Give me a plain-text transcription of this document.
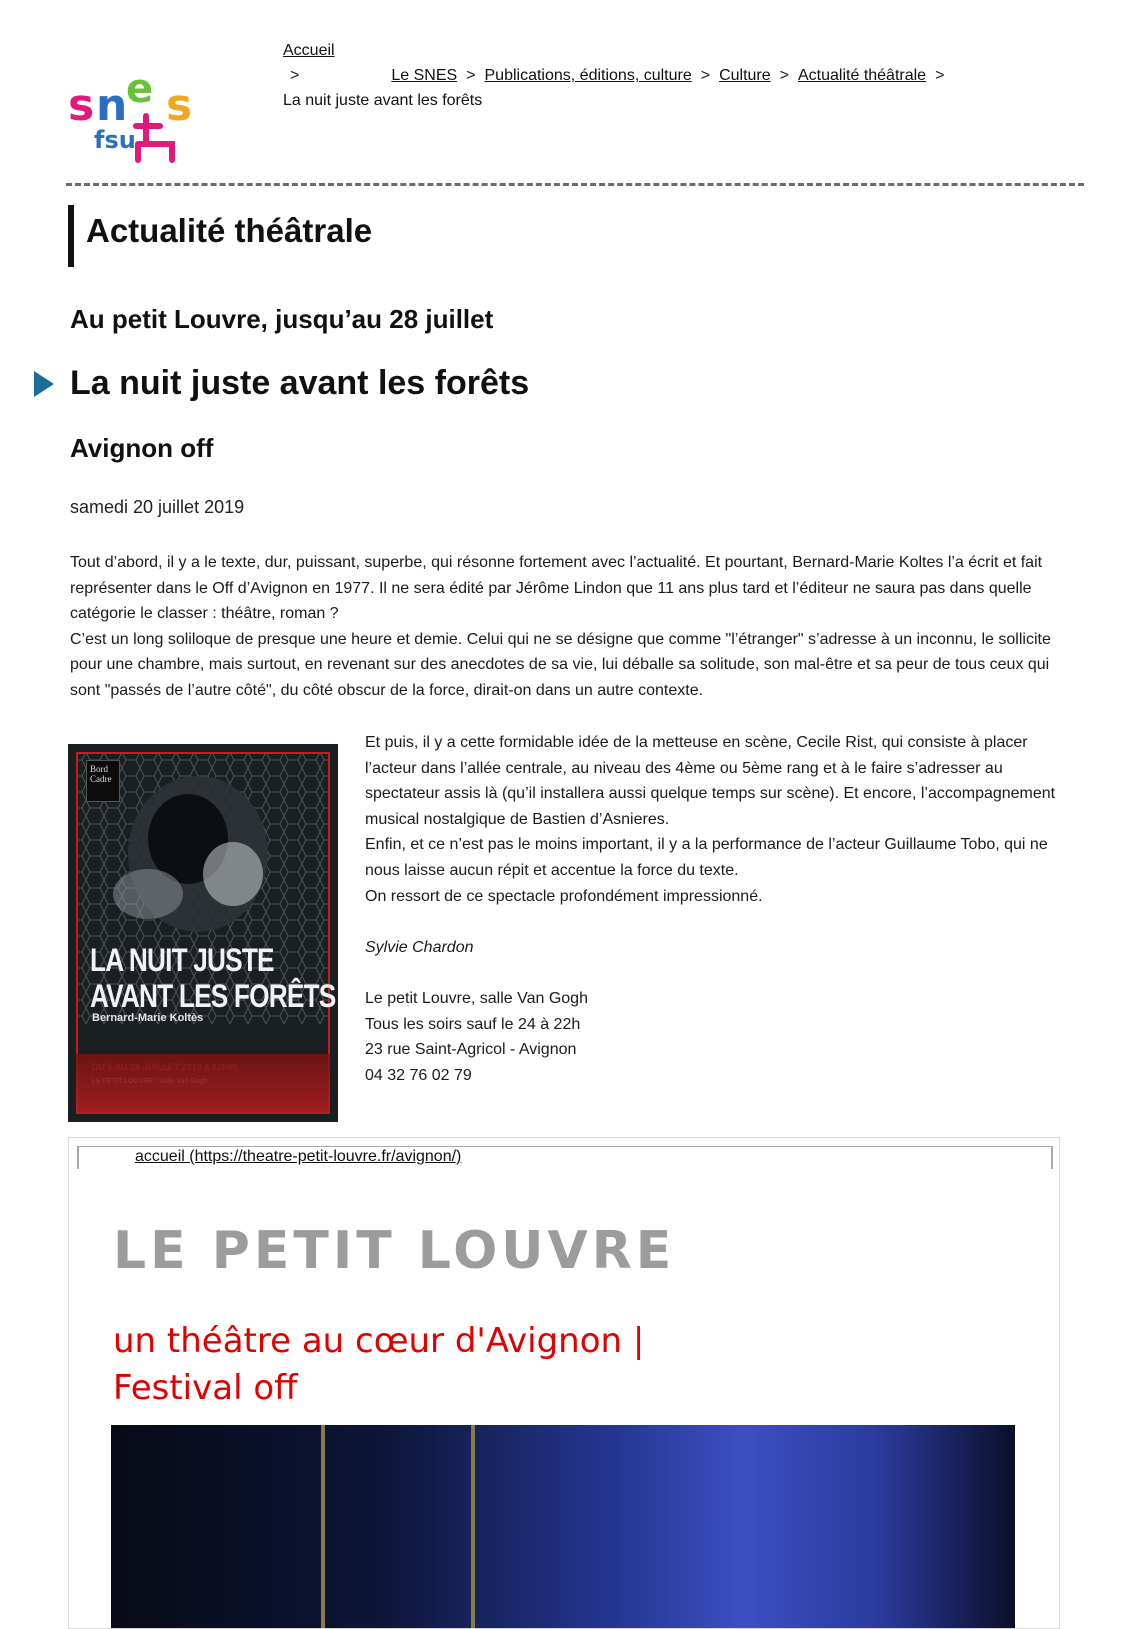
s n
e s
fsu
Accueil
>	Le SNES > Publications, éditions, culture > Culture > Actualité théâtrale >
La nuit juste avant les forêts
Actualité théâtrale
Au petit Louvre, jusqu’au 28 juillet
La nuit juste avant les forêts
Avignon off
samedi 20 juillet 2019

Tout d’abord, il y a le texte, dur, puissant, superbe, qui résonne fortement avec l’actualité. Et pourtant, Bernard-Marie Koltes l’a écrit et fait représenter dans le Off d’Avignon en 1977. Il ne sera édité par Jérôme Lindon que 11 ans plus tard et l’éditeur ne saura pas dans quelle catégorie le classer : théâtre, roman ?

C’est un long soliloque de presque une heure et demie. Celui qui ne se désigne que comme "l’étranger" s’adresse à un inconnu, le sollicite pour une chambre, mais surtout, en revenant sur des anecdotes de sa vie, lui déballe sa solitude, son mal-être et sa peur de tous ceux qui sont "passés de l’autre côté", du côté obscur de la force, dirait-on dans un autre contexte.

Bord Cadre
LA NUIT JUSTE
AVANT LES FORÊTS
Bernard-Marie Koltès

Et puis, il y a cette formidable idée de la metteuse en scène, Cecile Rist, qui consiste à placer l’acteur dans l’allée centrale, au niveau des 4ème ou 5ème rang et à le faire s’adresser au spectateur assis là (qu’il installera aussi quelque temps sur scène). Et encore, l’accompagnement musical nostalgique de Bastien d’Asnieres.

Enfin, et ce n’est pas le moins important, il y a la performance de l’acteur Guillaume Tobo, qui ne nous laisse aucun répit et accentue la force du texte.

On ressort de ce spectacle profondément impressionné.

Sylvie Chardon

Le petit Louvre, salle Van Gogh

Tous les soirs sauf le 24 à 22h

23 rue Saint-Agricol - Avignon

04 32 76 02 79

accueil (https://theatre-petit-louvre.fr/avignon/)
LE PETIT LOUVRE
un théâtre au cœur d'Avignon |
Festival off
